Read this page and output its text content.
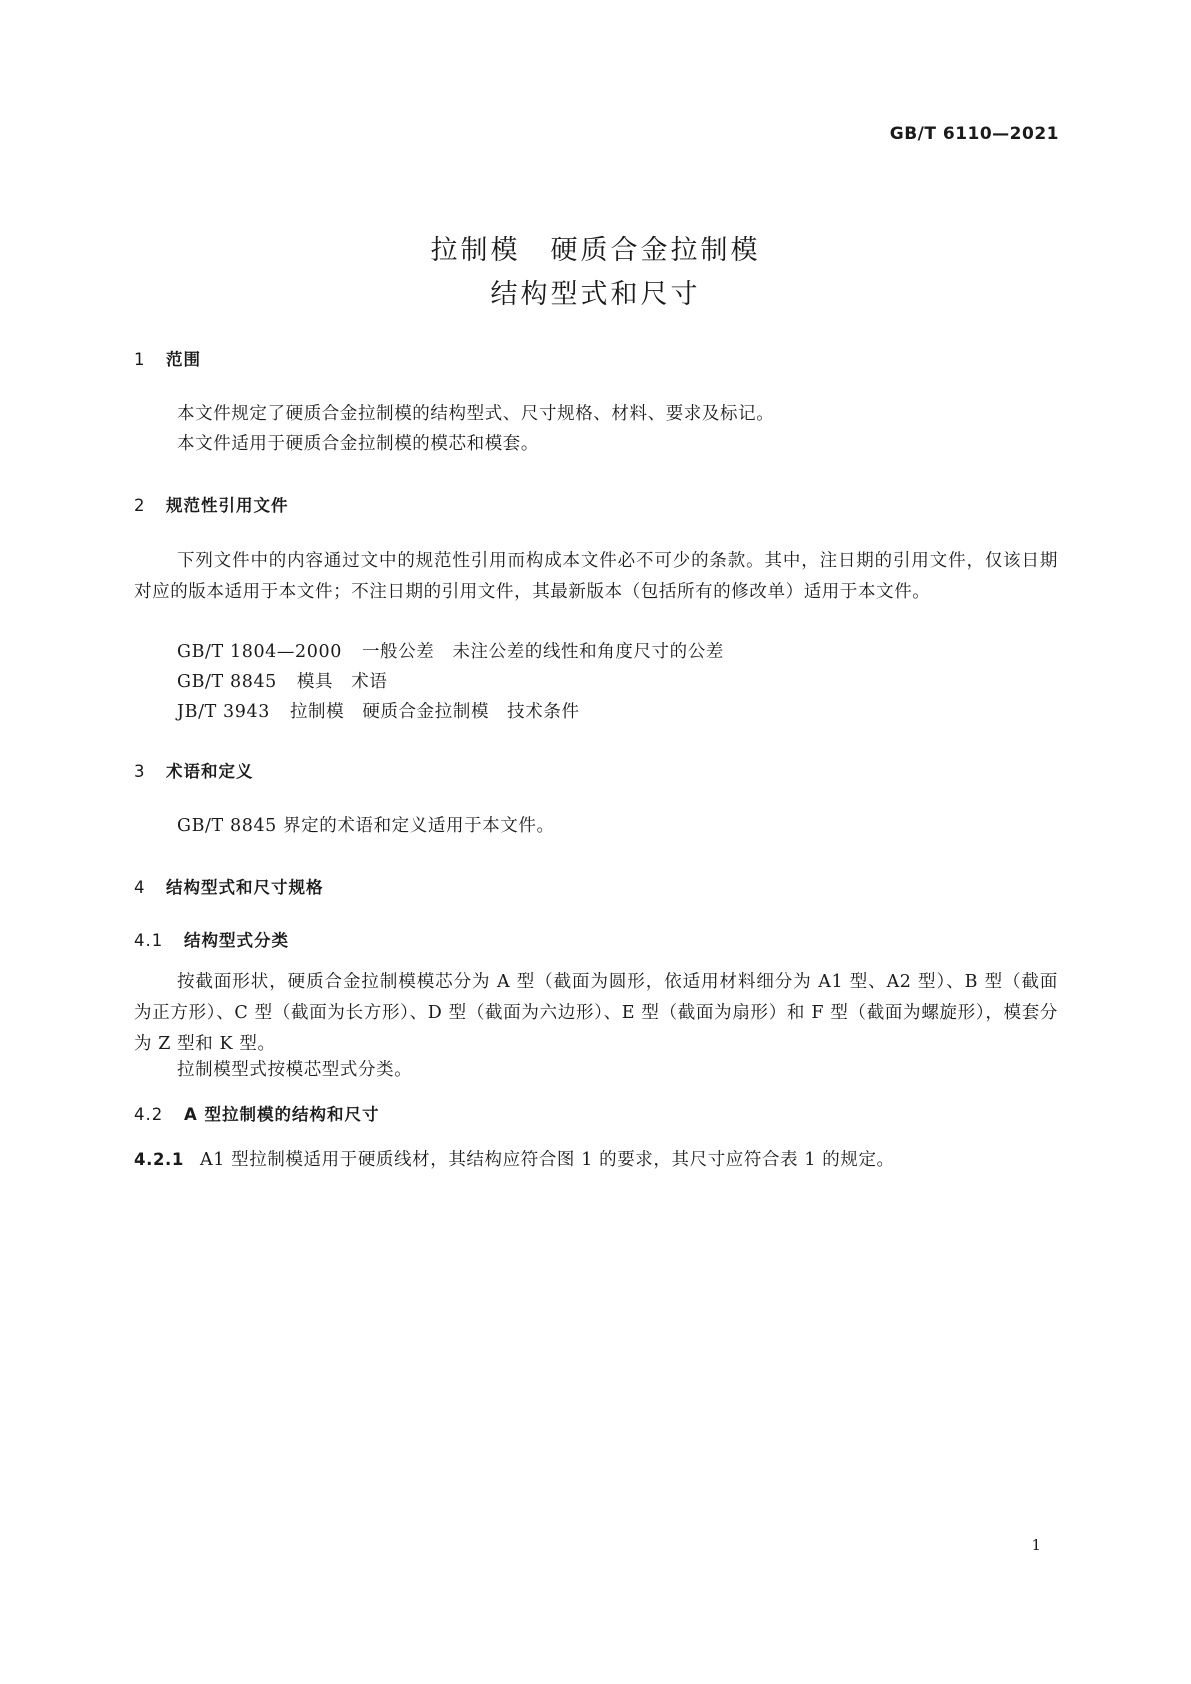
GB/T 6110—2021
拉制模　硬质合金拉制模
结构型式和尺寸
1 范围
本文件规定了硬质合金拉制模的结构型式、尺寸规格、材料、要求及标记。
本文件适用于硬质合金拉制模的模芯和模套。
2 规范性引用文件
下列文件中的内容通过文中的规范性引用而构成本文件必不可少的条款。其中，注日期的引用文件，仅该日期对应的版本适用于本文件；不注日期的引用文件，其最新版本（包括所有的修改单）适用于本文件。
GB/T 1804—2000 一般公差　未注公差的线性和角度尺寸的公差
GB/T 8845 模具　术语
JB/T 3943 拉制模　硬质合金拉制模　技术条件
3 术语和定义
GB/T 8845 界定的术语和定义适用于本文件。
4 结构型式和尺寸规格
4.1 结构型式分类
按截面形状，硬质合金拉制模模芯分为 A 型（截面为圆形，依适用材料细分为 A1 型、A2 型）、B 型（截面为正方形）、C 型（截面为长方形）、D 型（截面为六边形）、E 型（截面为扇形）和 F 型（截面为螺旋形），模套分为 Z 型和 K 型。
拉制模型式按模芯型式分类。
4.2 A 型拉制模的结构和尺寸
4.2.1 A1 型拉制模适用于硬质线材，其结构应符合图 1 的要求，其尺寸应符合表 1 的规定。
1
